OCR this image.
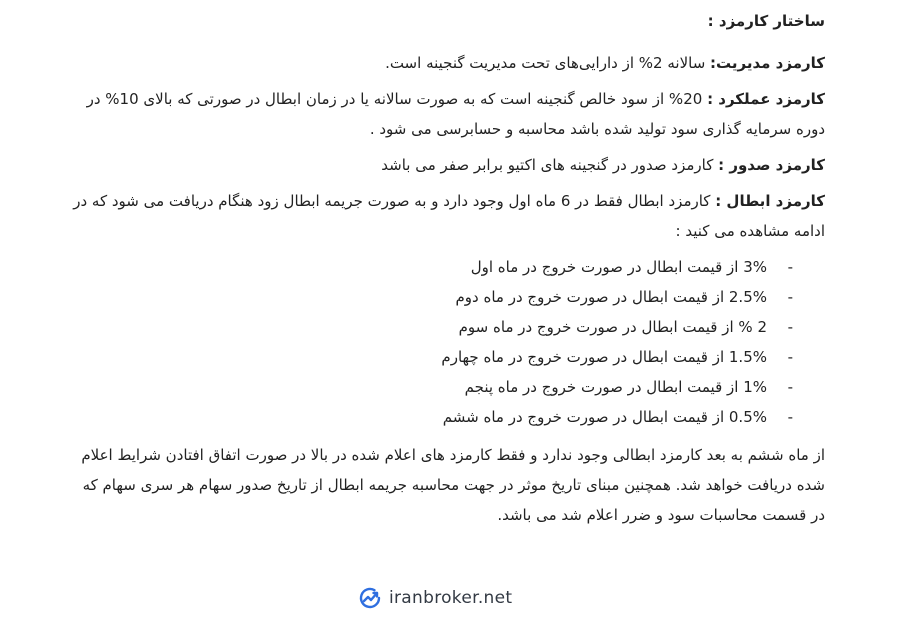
ساختار کارمزد :

کارمزد مدیریت: سالانه 2% از دارایی‌های تحت مدیریت گنجینه است.

کارمزد عملکرد : 20% از سود خالص گنجینه است که به صورت سالانه یا در زمان ابطال در صورتی که بالای 10% در دوره سرمایه گذاری سود تولید شده باشد محاسبه و حسابرسی می شود .

کارمزد صدور : کارمزد صدور در گنجینه های اکتیو برابر صفر می باشد

کارمزد ابطال : کارمزد ابطال فقط در 6 ماه اول وجود دارد و به صورت جریمه ابطال زود هنگام دریافت می شود که در ادامه مشاهده می کنید :

-
3% از قیمت ابطال در صورت خروج در ماه اول
-
2.5% از قیمت ابطال در صورت خروج در ماه دوم
-
2 % از قیمت ابطال در صورت خروج در ماه سوم
-
1.5% از قیمت ابطال در صورت خروج در ماه چهارم
-
1% از قیمت ابطال در صورت خروج در ماه پنجم
-
0.5% از قیمت ابطال در صورت خروج در ماه ششم

از ماه ششم به بعد کارمزد ابطالی وجود ندارد و فقط کارمزد های اعلام شده در بالا در صورت اتفاق افتادن شرایط اعلام شده دریافت خواهد شد. همچنین مبنای تاریخ موثر در جهت محاسبه جریمه ابطال از تاریخ صدور سهام هر سری سهام که در قسمت محاسبات سود و ضرر اعلام شد می باشد.

iranbroker.net
